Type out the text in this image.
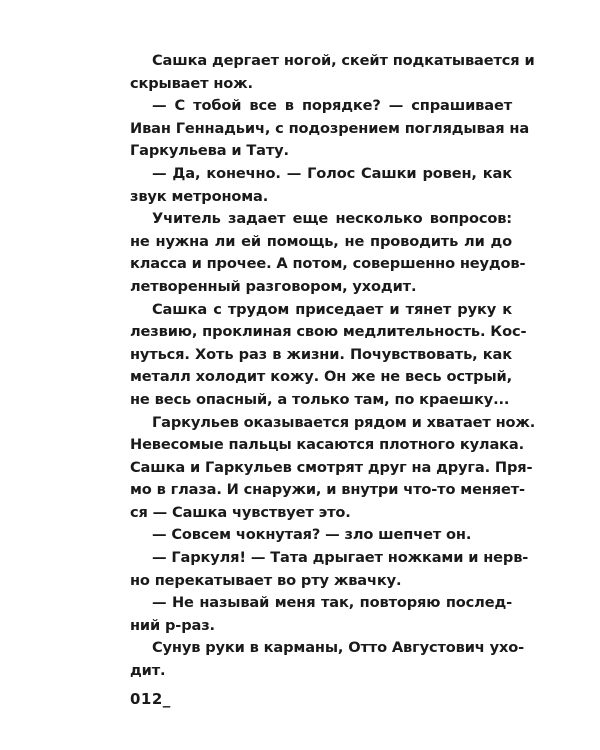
Сашка дергает ногой, скейт подкатывается и
скрывает нож.
— С тобой все в порядке? — спрашивает
Иван Геннадьич, с подозрением поглядывая на
Гаркульева и Тату.
— Да, конечно. — Голос Сашки ровен, как
звук метронома.
Учитель задает еще несколько вопросов:
не нужна ли ей помощь, не проводить ли до
класса и прочее. А потом, совершенно неудов-
летворенный разговором, уходит.
Сашка с трудом приседает и тянет руку к
лезвию, проклиная свою медлительность. Кос-
нуться. Хоть раз в жизни. Почувствовать, как
металл холодит кожу. Он же не весь острый,
не весь опасный, а только там, по краешку...
Гаркульев оказывается рядом и хватает нож.
Невесомые пальцы касаются плотного кулака.
Сашка и Гаркульев смотрят друг на друга. Пря-
мо в глаза. И снаружи, и внутри что-то меняет-
ся — Сашка чувствует это.
— Совсем чокнутая? — зло шепчет он.
— Гаркуля! — Тата дрыгает ножками и нерв-
но перекатывает во рту жвачку.
— Не называй меня так, повторяю послед-
ний р-раз.
Сунув руки в карманы, Отто Августович ухо-
дит.
012_
